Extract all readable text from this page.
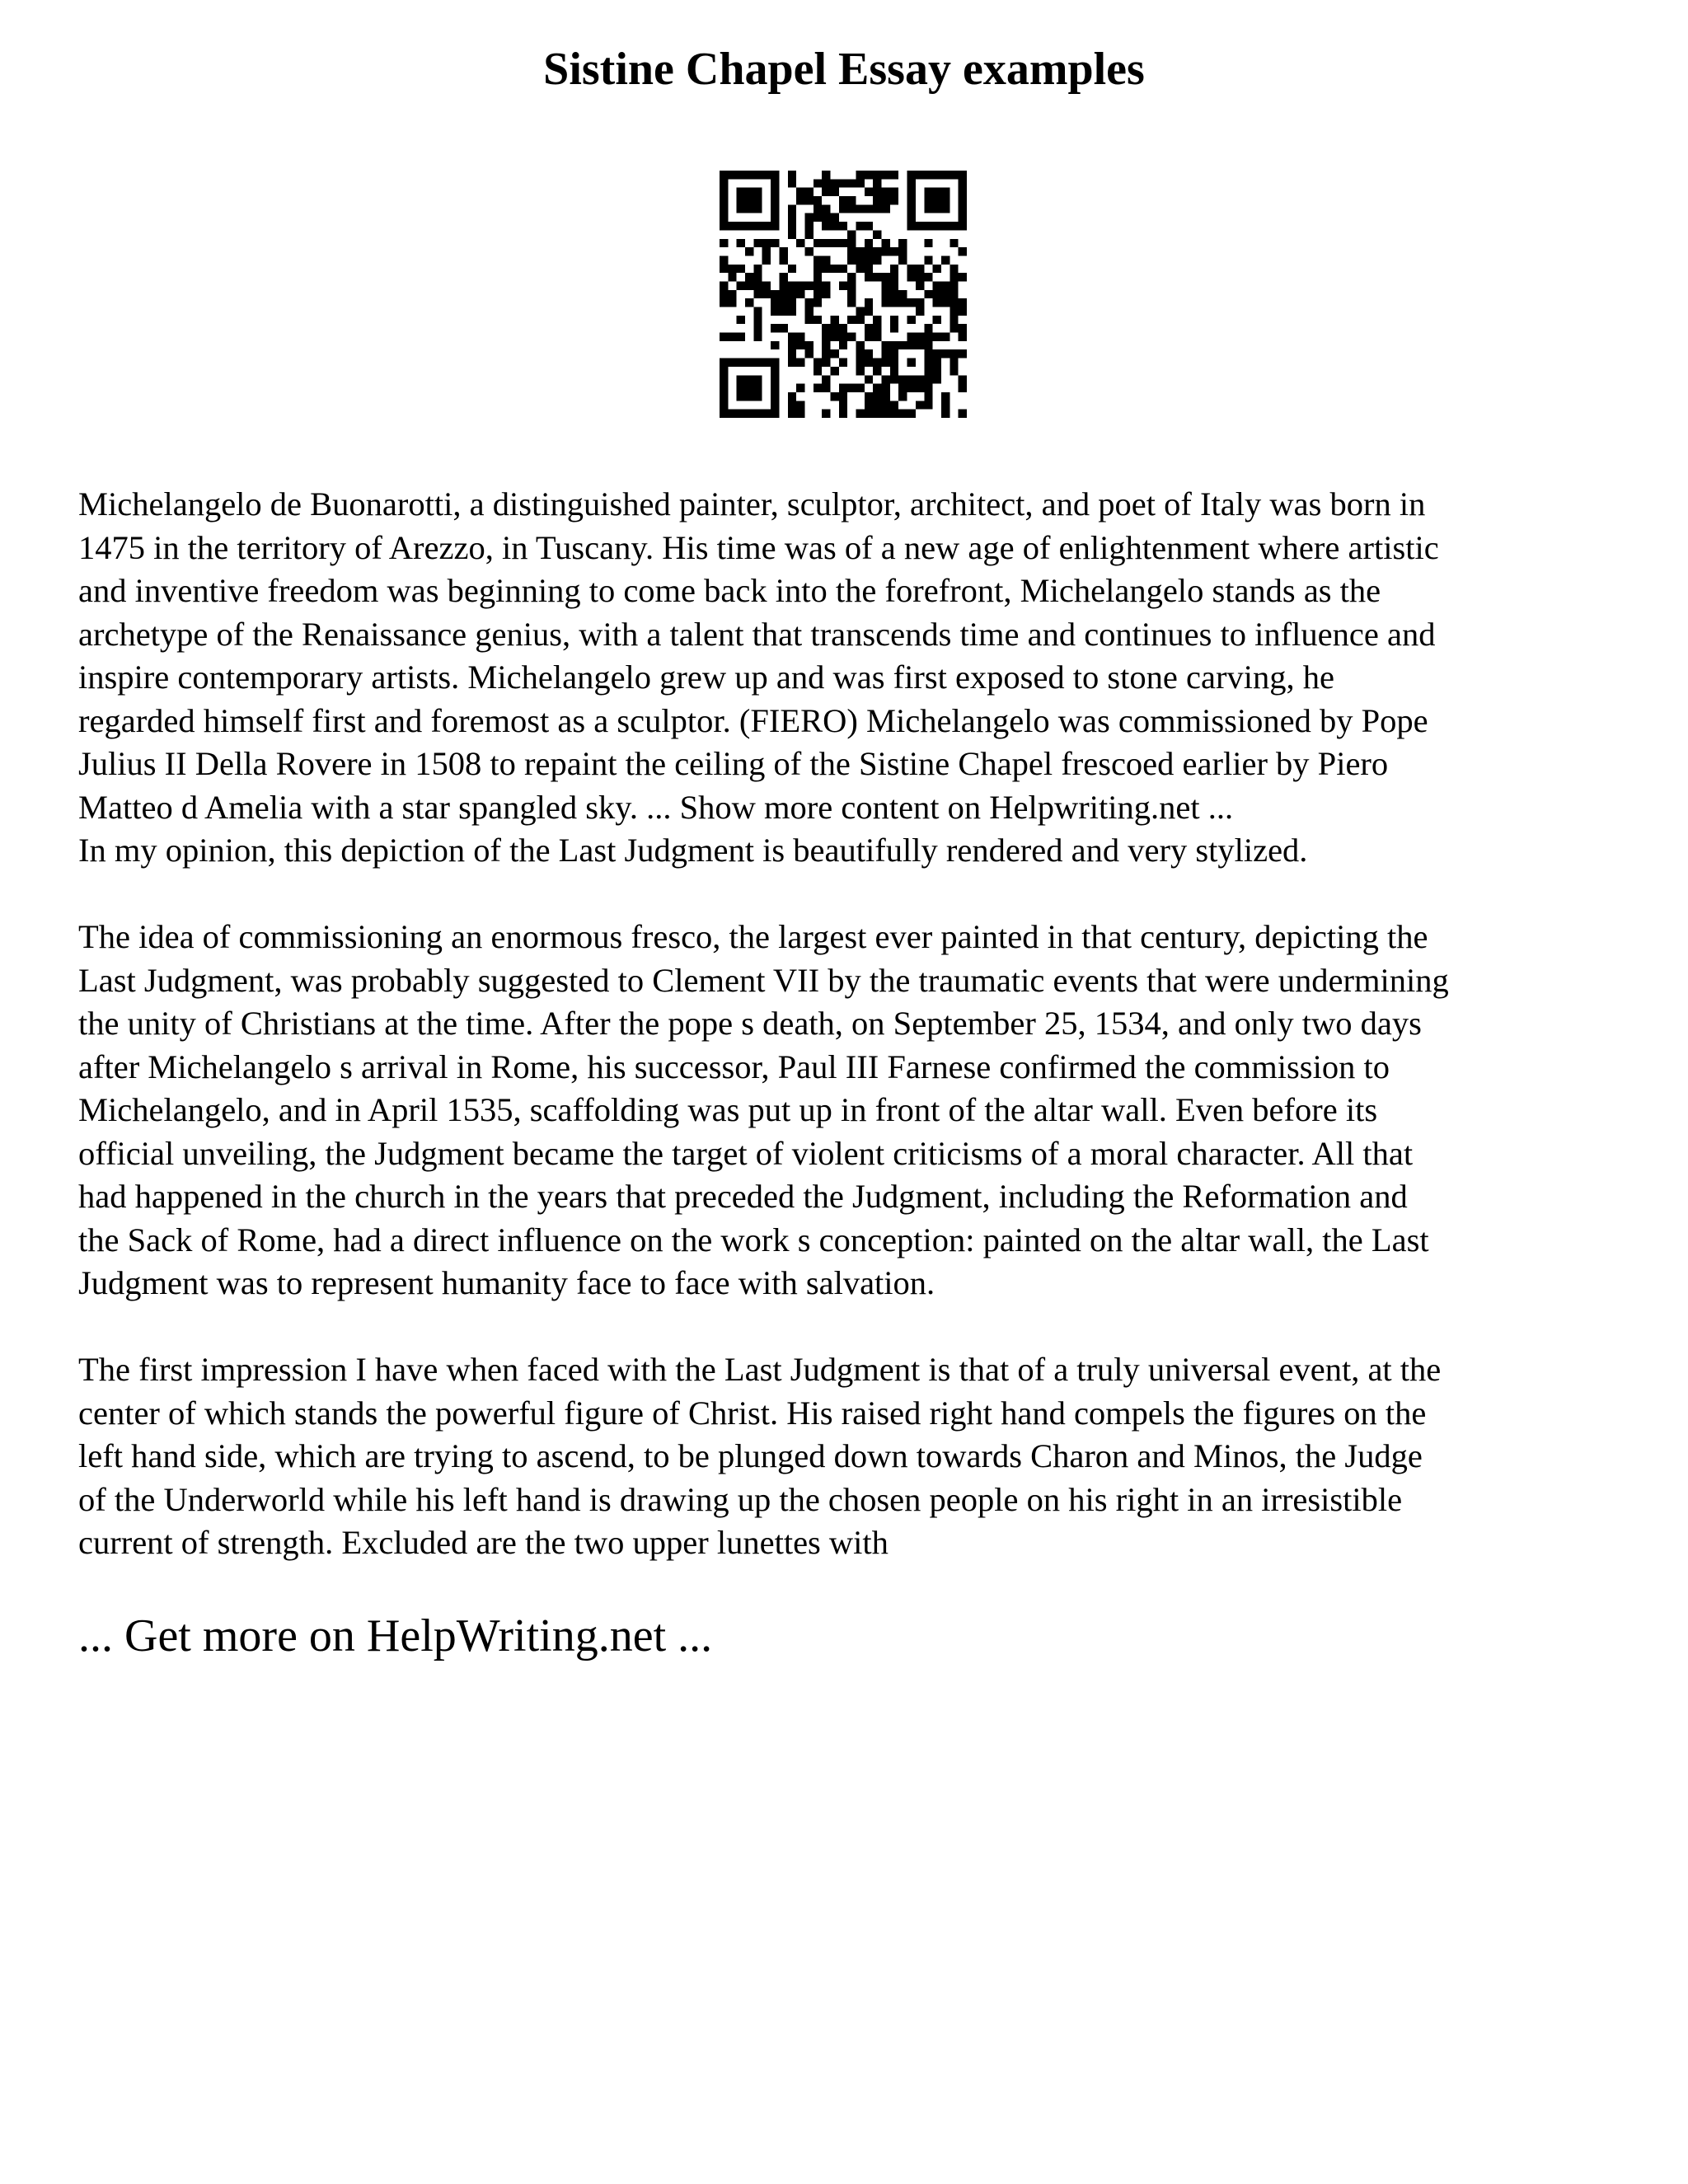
Sistine Chapel Essay examples

Michelangelo de Buonarotti, a distinguished painter, sculptor, architect, and poet of Italy was born in
1475 in the territory of Arezzo, in Tuscany. His time was of a new age of enlightenment where artistic
and inventive freedom was beginning to come back into the forefront, Michelangelo stands as the
archetype of the Renaissance genius, with a talent that transcends time and continues to influence and
inspire contemporary artists. Michelangelo grew up and was first exposed to stone carving, he
regarded himself first and foremost as a sculptor. (FIERO) Michelangelo was commissioned by Pope
Julius II Della Rovere in 1508 to repaint the ceiling of the Sistine Chapel frescoed earlier by Piero
Matteo d Amelia with a star spangled sky. ... Show more content on Helpwriting.net ...
In my opinion, this depiction of the Last Judgment is beautifully rendered and very stylized.

The idea of commissioning an enormous fresco, the largest ever painted in that century, depicting the
Last Judgment, was probably suggested to Clement VII by the traumatic events that were undermining
the unity of Christians at the time. After the pope s death, on September 25, 1534, and only two days
after Michelangelo s arrival in Rome, his successor, Paul III Farnese confirmed the commission to
Michelangelo, and in April 1535, scaffolding was put up in front of the altar wall. Even before its
official unveiling, the Judgment became the target of violent criticisms of a moral character. All that
had happened in the church in the years that preceded the Judgment, including the Reformation and
the Sack of Rome, had a direct influence on the work s conception: painted on the altar wall, the Last
Judgment was to represent humanity face to face with salvation.

The first impression I have when faced with the Last Judgment is that of a truly universal event, at the
center of which stands the powerful figure of Christ. His raised right hand compels the figures on the
left hand side, which are trying to ascend, to be plunged down towards Charon and Minos, the Judge
of the Underworld while his left hand is drawing up the chosen people on his right in an irresistible
current of strength. Excluded are the two upper lunettes with

... Get more on HelpWriting.net ...
